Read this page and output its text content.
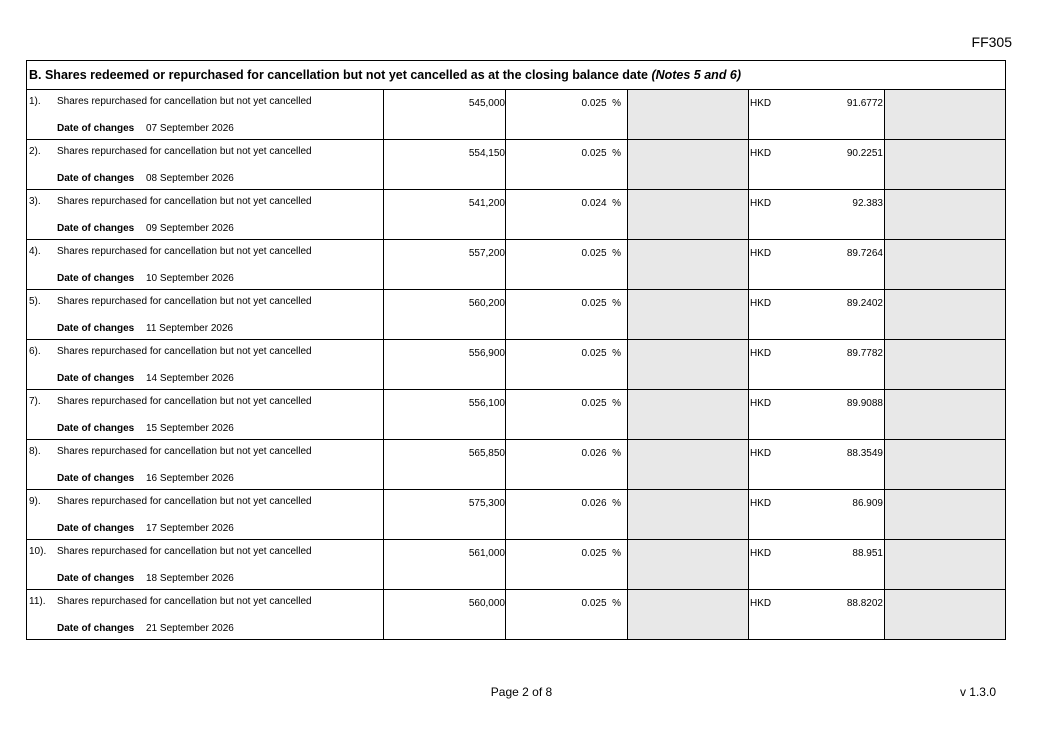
FF305
B. Shares redeemed or repurchased for cancellation but not yet cancelled as at the closing balance date (Notes 5 and 6)
1). Shares repurchased for cancellation but not yet cancelled
Date of changes 07 September 2026
545,000	0.025 %	HKD	91.6772
2). Shares repurchased for cancellation but not yet cancelled
Date of changes 08 September 2026
554,150	0.025 %	HKD	90.2251
3). Shares repurchased for cancellation but not yet cancelled
Date of changes 09 September 2026
541,200	0.024 %	HKD	92.383
4). Shares repurchased for cancellation but not yet cancelled
Date of changes 10 September 2026
557,200	0.025 %	HKD	89.7264
5). Shares repurchased for cancellation but not yet cancelled
Date of changes 11 September 2026
560,200	0.025 %	HKD	89.2402
6). Shares repurchased for cancellation but not yet cancelled
Date of changes 14 September 2026
556,900	0.025 %	HKD	89.7782
7). Shares repurchased for cancellation but not yet cancelled
Date of changes 15 September 2026
556,100	0.025 %	HKD	89.9088
8). Shares repurchased for cancellation but not yet cancelled
Date of changes 16 September 2026
565,850	0.026 %	HKD	88.3549
9). Shares repurchased for cancellation but not yet cancelled
Date of changes 17 September 2026
575,300	0.026 %	HKD	86.909
10). Shares repurchased for cancellation but not yet cancelled
Date of changes 18 September 2026
561,000	0.025 %	HKD	88.951
11). Shares repurchased for cancellation but not yet cancelled
Date of changes 21 September 2026
560,000	0.025 %	HKD	88.8202
Page 2 of 8	v 1.3.0
